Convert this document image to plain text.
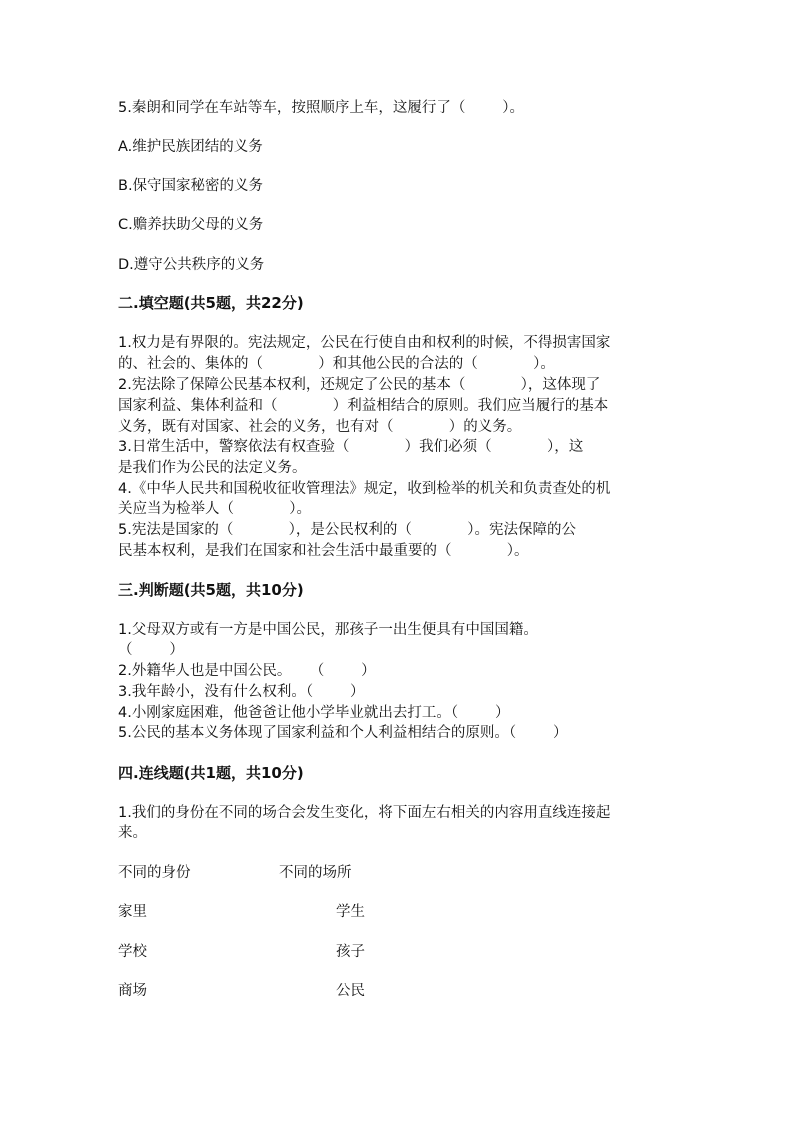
5.秦朗和同学在车站等车，按照顺序上车，这履行了（        ）。
A.维护民族团结的义务
B.保守国家秘密的义务
C.赡养扶助父母的义务
D.遵守公共秩序的义务
二.填空题(共5题，共22分)
1.权力是有界限的。宪法规定，公民在行使自由和权利的时候，不得损害国家
的、社会的、集体的（            ）和其他公民的合法的（            ）。
2.宪法除了保障公民基本权利，还规定了公民的基本（            ），这体现了
国家利益、集体利益和（            ）利益相结合的原则。我们应当履行的基本
义务，既有对国家、社会的义务，也有对（            ）的义务。
3.日常生活中，警察依法有权查验（            ）我们必须（            ），这
是我们作为公民的法定义务。
4.《中华人民共和国税收征收管理法》规定，收到检举的机关和负责查处的机
关应当为检举人（            ）。
5.宪法是国家的（            ），是公民权利的（            ）。宪法保障的公
民基本权利，是我们在国家和社会生活中最重要的（            ）。
三.判断题(共5题，共10分)
1.父母双方或有一方是中国公民，那孩子一出生便具有中国国籍。
（        ）
2.外籍华人也是中国公民。    （        ）
3.我年龄小，没有什么权利。（        ）
4.小刚家庭困难，他爸爸让他小学毕业就出去打工。（        ）
5.公民的基本义务体现了国家利益和个人利益相结合的原则。（        ）
四.连线题(共1题，共10分)
1.我们的身份在不同的场合会发生变化，将下面左右相关的内容用直线连接起
来。
不同的身份	不同的场所
家里	学生
学校	孩子
商场	公民
